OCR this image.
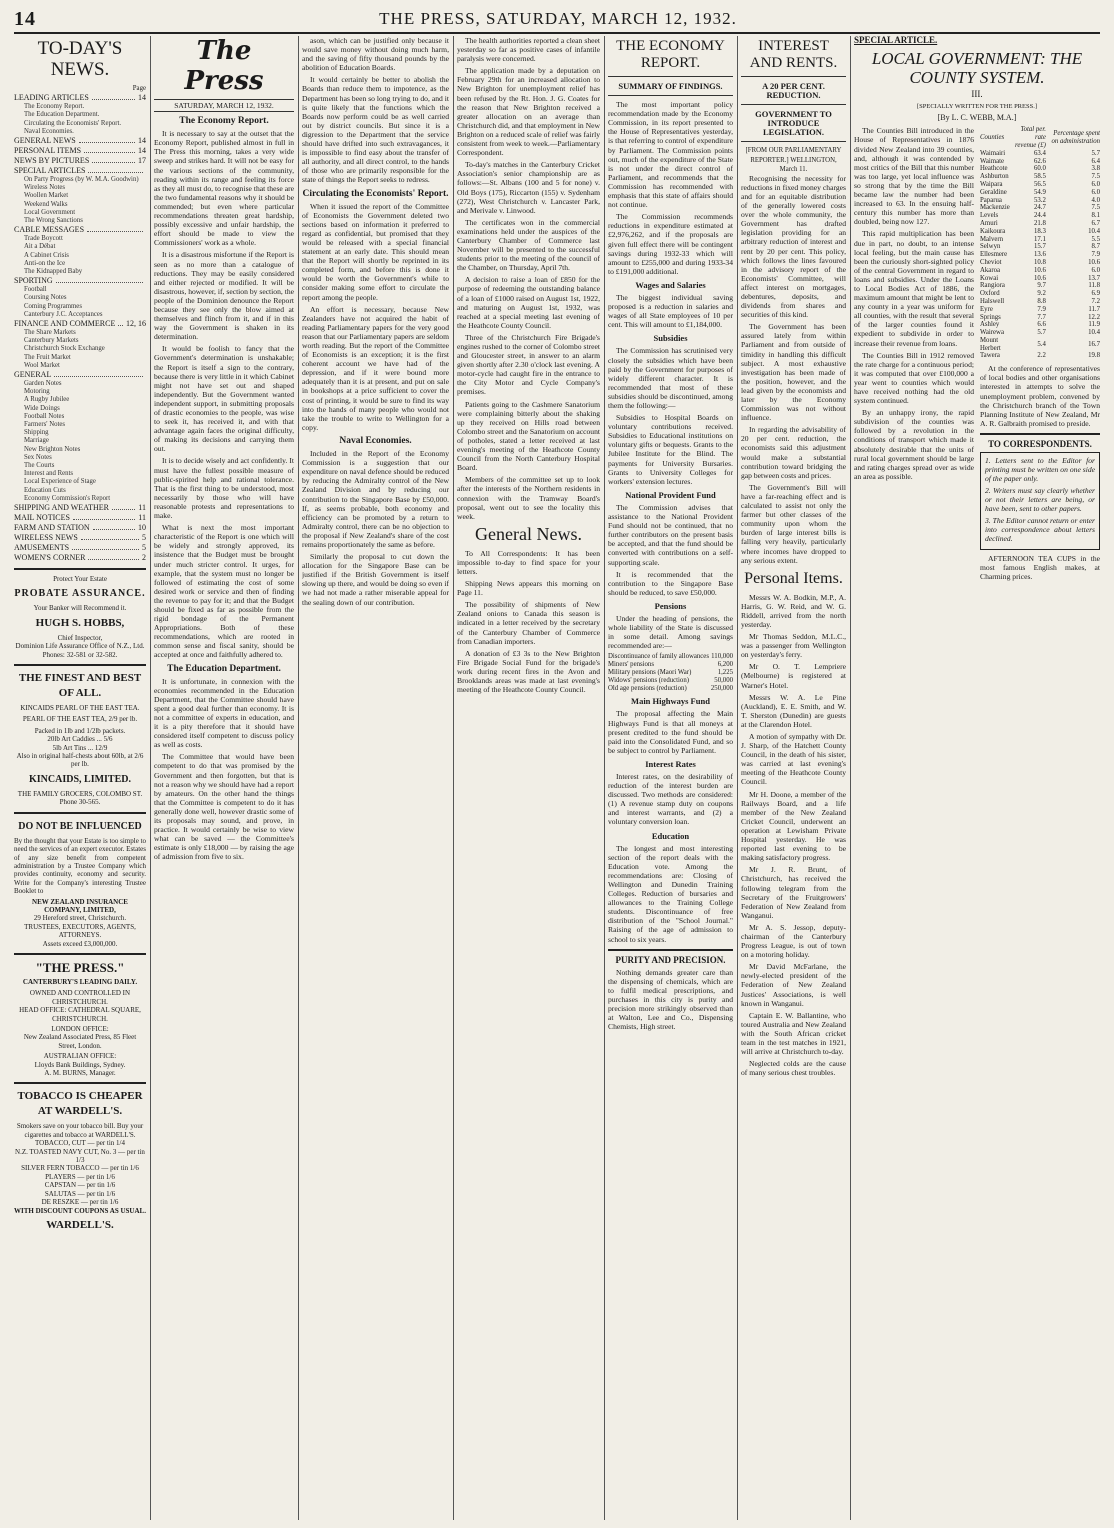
14	THE PRESS, SATURDAY, MARCH 12, 1932.
TO-DAY'S NEWS.
Page
LEADING ARTICLES	14
The Economy Report.
The Education Department.
Circulating the Economists' Report.
Naval Economies.
GENERAL NEWS	14
PERSONAL ITEMS	14
NEWS BY PICTURES	17
SPECIAL ARTICLES
On Party Progress (by W. M.A. Goodwin)
Wireless Notes
Woollen Market
Weekend Walks
Local Government
The Wrong Sanctions
CABLE MESSAGES
Trade Boycott
Ait a Débat
A Cabinet Crisis
Anti-on the Ice
The Kidnapped Baby
SPORTING
Football
Coursing Notes
Coming Programmes
Canterbury J.C. Acceptances
FINANCE AND COMMERCE 12, 16
The Share Markets
Canterbury Markets
Christchurch Stock Exchange
The Fruit Market
Wool Market
GENERAL
Garden Notes
Motoring
A Rugby Jubilee
Wide Doings
Football Notes
Farmers' Notes
Shipping
Marriage
New Brighton Notes
Sex Notes
The Courts
Interest and Rents
Local Experience of Stage
Education Cuts
Economy Commission's Report
SHIPPING AND WEATHER	11
MAIL NOTICES	11
FARM AND STATION	10
WIRELESS NEWS	5
AMUSEMENTS	5
WOMEN'S CORNER	2
Protect Your Estate
PROBATE ASSURANCE.
Your Banker will Recommend it.
HUGH S. HOBBS,
Chief Inspector,
Dominion Life Assurance Office of N.Z., Ltd.
Phones: 32-581 or 32-582.
THE FINEST AND BEST OF ALL.
KINCAIDS PEARL OF THE EAST TEA.
PEARL OF THE EAST TEA, 2/9 per lb.
Packed in 1lb and 1/2lb packets.
20lb Art Caddies ... 5/6
5lb Art Tins ... 12/9
Also in original half-chests about 60lb, at 2/6 per lb.
KINCAIDS, LIMITED.
THE FAMILY GROCERS, COLOMBO ST.
Phone 30-565.
DO NOT BE INFLUENCED
By the thought that your Estate is too simple to need the services of an expert executor. Estates of any size benefit from competent administration by a Trustee Company which provides continuity, economy and security. Write for the Company's interesting Trustee Booklet to
NEW ZEALAND INSURANCE COMPANY, LIMITED,
29 Hereford street, Christchurch.
TRUSTEES, EXECUTORS, AGENTS, ATTORNEYS.
Assets exceed £3,000,000.
"THE PRESS."
CANTERBURY'S LEADING DAILY.
OWNED AND CONTROLLED IN CHRISTCHURCH.
HEAD OFFICE: CATHEDRAL SQUARE, CHRISTCHURCH.
LONDON OFFICE:
New Zealand Associated Press, 85 Fleet Street, London.
AUSTRALIAN OFFICE:
Lloyds Bank Buildings, Sydney.
A. M. BURNS, Manager.
TOBACCO IS CHEAPER AT WARDELL'S.
Smokers save on your tobacco bill. Buy your cigarettes and tobacco at WARDELL'S.
TOBACCO, CUT — per tin 1/4
N.Z. TOASTED NAVY CUT, No. 3 — per tin 1/3
SILVER FERN TOBACCO — per tin 1/6
PLAYERS — per tin 1/6
CAPSTAN — per tin 1/6
SALUTAS — per tin 1/6
DE RESZKE — per tin 1/6
WITH DISCOUNT COUPONS AS USUAL.
WARDELL'S.
The Press
SATURDAY, MARCH 12, 1932.
The Economy Report.

It is necessary to say at the outset that the Economy Report, published almost in full in The Press this morning, takes a very wide sweep and strikes hard. It will not be easy for the various sections of the community, reading within its range and feeling its force as they all must do, to recognise that these are the two fundamental reasons why it should be commended; but even where particular recommendations threaten great hardship, possibly excessive and unfair hardship, the effort should be made to view the Commissioners' work as a whole.

It is a disastrous misfortune if the Report is seen as no more than a catalogue of reductions. They may be easily considered and either rejected or modified. It will be disastrous, however, if, section by section, the people of the Dominion denounce the Report because they see only the blow aimed at themselves and flinch from it, and if in this way the Government is shaken in its determination.

It would be foolish to fancy that the Government's determination is unshakable; the Report is itself a sign to the contrary, because there is very little in it which Cabinet might not have set out and shaped independently. But the Government wanted independent support, in submitting proposals of drastic economies to the people, was wise to seek it, has received it, and with that advantage again faces the original difficulty, of making its decisions and carrying them out.

It is to decide wisely and act confidently. It must have the fullest possible measure of public-spirited help and rational tolerance. That is the first thing to be understood, most necessarily by those who will have reasonable protests and representations to make.

What is next the most important characteristic of the Report is one which will be widely and strongly approved, its insistence that the Budget must be brought under much stricter control. It urges, for example, that the system must no longer be followed of estimating the cost of some desired work or service and then of finding the revenue to pay for it; and that the Budget should be fixed as far as possible from the rigid bondage of the Permanent Appropriations. Both of these recommendations, which are rooted in common sense and fiscal sanity, should be accepted at once and faithfully adhered to.

The Education Department.

It is unfortunate, in connexion with the economies recommended in the Education Department, that the Committee should have spent a good deal further than economy. It is not a committee of experts in education, and it is a pity therefore that it should have considered itself competent to discuss policy as well as costs.

The Committee that would have been competent to do that was promised by the Government and then forgotten, but that is not a reason why we should have had a report by amateurs. On the other hand the things that the Committee is competent to do it has generally done well, however drastic some of its proposals may sound, and prove, in practice. It would certainly be wise to view what can be saved — the Committee's estimate is only £18,000 — by raising the age of admission from five to six.

ason, which can be justified only because it would save money without doing much harm, and the saving of fifty thousand pounds by the abolition of Education Boards.

It would certainly be better to abolish the Boards than reduce them to impotence, as the Department has been so long trying to do, and it is quite likely that the functions which the Boards now perform could be as well carried out by district councils. But since it is a digression to the Department that the service should have drifted into such extravagances, it is impossible to find easy about the transfer of all authority, and all direct control, to the hands of those who are primarily responsible for the state of things the Report seeks to redress.

Circulating the Economists' Report.

When it issued the report of the Committee of Economists the Government deleted two sections based on information it preferred to regard as confidential, but promised that they would be released with a special financial statement at an early date. This should mean that the Report will shortly be reprinted in its completed form, and before this is done it would be worth the Government's while to consider making some effort to circulate the report among the people.

An effort is necessary, because New Zealanders have not acquired the habit of reading Parliamentary papers for the very good reason that our Parliamentary papers are seldom worth reading. But the report of the Committee of Economists is an exception; it is the first coherent account we have had of the depression, and if it were bound more adequately than it is at present, and put on sale in bookshops at a price sufficient to cover the cost of printing, it would be sure to find its way into the hands of many people who would not take the trouble to write to Wellington for a copy.

Naval Economies.

Included in the Report of the Economy Commission is a suggestion that our expenditure on naval defence should be reduced by reducing the Admiralty control of the New Zealand Division and by reducing our contribution to the Singapore Base by £50,000. If, as seems probable, both economy and efficiency can be promoted by a return to Admiralty control, there can be no objection to the proposal if New Zealand's share of the cost remains proportionately the same as before.

Similarly the proposal to cut down the allocation for the Singapore Base can be justified if the British Government is itself slowing up there, and would be doing so even if we had not made a rather miserable appeal for the sealing down of our contribution.

The health authorities reported a clean sheet yesterday so far as positive cases of infantile paralysis were concerned.

The application made by a deputation on February 29th for an increased allocation to New Brighton for unemployment relief has been refused by the Rt. Hon. J. G. Coates for the reason that New Brighton received a greater allocation on an average than Christchurch did, and that employment in New Brighton on a reduced scale of relief was fairly consistent from week to week.—Parliamentary Correspondent.

To-day's matches in the Canterbury Cricket Association's senior championship are as follows:—St. Albans (100 and 5 for none) v. Old Boys (175), Riccarton (155) v. Sydenham (272), West Christchurch v. Lancaster Park, and Merivale v. Linwood.

The certificates won in the commercial examinations held under the auspices of the Canterbury Chamber of Commerce last November will be presented to the successful students prior to the meeting of the council of the Chamber, on Thursday, April 7th.

A decision to raise a loan of £850 for the purpose of redeeming the outstanding balance of a loan of £1000 raised on August 1st, 1922, and maturing on August 1st, 1932, was reached at a special meeting last evening of the Heathcote County Council.

Three of the Christchurch Fire Brigade's engines rushed to the corner of Colombo street and Gloucester street, in answer to an alarm given shortly after 2.30 o'clock last evening. A motor-cycle had caught fire in the entrance to the City Motor and Cycle Company's premises.

Patients going to the Cashmere Sanatorium were complaining bitterly about the shaking up they received on Hills road between Colombo street and the Sanatorium on account of potholes, stated a letter received at last evening's meeting of the Heathcote County Council from the North Canterbury Hospital Board.

Members of the committee set up to look after the interests of the Northern residents in connexion with the Tramway Board's proposal, went out to see the locality this week.

General News.

To All Correspondents: It has been impossible to-day to find space for your letters.

Shipping News appears this morning on Page 11.

The possibility of shipments of New Zealand onions to Canada this season is indicated in a letter received by the secretary of the Canterbury Chamber of Commerce from Canadian importers.

A donation of £3 3s to the New Brighton Fire Brigade Social Fund for the brigade's work during recent fires in the Avon and Brooklands areas was made at last evening's meeting of the Heathcote County Council.

THE ECONOMY REPORT.
SUMMARY OF FINDINGS.

The most important policy recommendation made by the Economy Commission, in its report presented to the House of Representatives yesterday, is that referring to control of expenditure by Parliament. The Commission points out, much of the expenditure of the State is not under the direct control of Parliament, and recommends that the Commission has recommended with emphasis that this state of affairs should not continue.

The Commission recommends reductions in expenditure estimated at £2,976,262, and if the proposals are given full effect there will be contingent savings during 1932-33 which will amount to £255,000 and during 1933-34 to £191,000 additional.

Wages and Salaries

The biggest individual saving proposed is a reduction in salaries and wages of all State employees of 10 per cent. This will amount to £1,184,000.

Subsidies

The Commission has scrutinised very closely the subsidies which have been paid by the Government for purposes of widely different character. It is recommended that most of these subsidies should be discontinued, among them the following:—

Subsidies to Hospital Boards on voluntary contributions received. Subsidies to Educational institutions on voluntary gifts or bequests. Grants to the Jubilee Institute for the Blind. The payments for University Bursaries. Grants to University Colleges for workers' extension lectures.

National Provident Fund

The Commission advises that assistance to the National Provident Fund should not be continued, that no further contributors on the present basis be accepted, and that the fund should be converted with contributions on a self-supporting scale.

It is recommended that the contribution to the Singapore Base should be reduced, to save £50,000.

Pensions

Under the heading of pensions, the whole liability of the State is discussed in some detail. Among savings recommended are:—

Discontinuance of family allowances	110,000
Miners' pensions	6,200
Military pensions (Maori War)	1,225
Widows' pensions (reduction)	50,000
Old age pensions (reduction)	250,000
Main Highways Fund

The proposal affecting the Main Highways Fund is that all moneys at present credited to the fund should be paid into the Consolidated Fund, and so be subject to control by Parliament.

Interest Rates

Interest rates, on the desirability of reduction of the interest burden are discussed. Two methods are considered: (1) A revenue stamp duty on coupons and interest warrants, and (2) a voluntary conversion loan.

Education

The longest and most interesting section of the report deals with the Education vote. Among the recommendations are: Closing of Wellington and Dunedin Training Colleges. Reduction of bursaries and allowances to the Training College students. Discontinuance of free distribution of the "School Journal." Raising of the age of admission to school to six years.

PURITY AND PRECISION.

Nothing demands greater care than the dispensing of chemicals, which are to fulfil medical prescriptions, and purchases in this city is purity and precision more strikingly observed than at Walton, Lee and Co., Dispensing Chemists, High street.

INTEREST AND RENTS.
A 20 PER CENT. REDUCTION.
GOVERNMENT TO INTRODUCE LEGISLATION.
[FROM OUR PARLIAMENTARY REPORTER.] WELLINGTON, March 11.

Recognising the necessity for reductions in fixed money charges and for an equitable distribution of the generally lowered costs over the whole community, the Government has drafted legislation providing for an arbitrary reduction of interest and rent by 20 per cent. This policy, which follows the lines favoured in the advisory report of the Economists' Committee, will affect interest on mortgages, debentures, deposits, and dividends from shares and securities of this kind.

The Government has been assured lately from within Parliament and from outside of timidity in handling this difficult subject. A most exhaustive investigation has been made of the position, however, and the lead given by the economists and later by the Economy Commission was not without influence.

In regarding the advisability of 20 per cent. reduction, the economists said this adjustment would make a substantial contribution toward bridging the gap between costs and prices.

The Government's Bill will have a far-reaching effect and is calculated to assist not only the farmer but other classes of the community upon whom the burden of large interest bills is falling very heavily, particularly where incomes have dropped to any serious extent.

Personal Items.

Messrs W. A. Bodkin, M.P., A. Harris, G. W. Reid, and W. G. Riddell, arrived from the north yesterday.

Mr Thomas Seddon, M.L.C., was a passenger from Wellington on yesterday's ferry.

Mr O. T. Lempriere (Melbourne) is registered at Warner's Hotel.

Messrs W. A. Le Pine (Auckland), E. E. Smith, and W. T. Sherston (Dunedin) are guests at the Clarendon Hotel.

A motion of sympathy with Dr. J. Sharp, of the Hatchett County Council, in the death of his sister, was carried at last evening's meeting of the Heathcote County Council.

Mr H. Doone, a member of the Railways Board, and a life member of the New Zealand Cricket Council, underwent an operation at Lewisham Private Hospital yesterday. He was reported last evening to be making satisfactory progress.

Mr J. R. Brunt, of Christchurch, has received the following telegram from the Secretary of the Fruitgrowers' Federation of New Zealand from Wanganui.

Mr A. S. Jessop, deputy-chairman of the Canterbury Progress League, is out of town on a motoring holiday.

Mr David McFarlane, the newly-elected president of the Federation of New Zealand Justices' Associations, is well known in Wanganui.

Captain E. W. Ballantine, who toured Australia and New Zealand with the South African cricket team in the test matches in 1921, will arrive at Christchurch to-day.

Neglected colds are the cause of many serious chest troubles.

SPECIAL ARTICLE.
LOCAL GOVERNMENT: THE COUNTY SYSTEM.
III.
[SPECIALLY WRITTEN FOR THE PRESS.]
[By L. C. WEBB, M.A.]

The Counties Bill introduced in the House of Representatives in 1876 divided New Zealand into 39 counties, and, although it was contended by most critics of the Bill that this number was too large, yet local influence was so strong that by the time the Bill became law the number had been increased to 63. In the ensuing half-century this number has more than doubled, being now 127.

This rapid multiplication has been due in part, no doubt, to an intense local feeling, but the main cause has been the curiously short-sighted policy of the central Government in regard to loans and subsidies. Under the Loans to Local Bodies Act of 1886, the maximum amount that might be lent to any county in a year was uniform for all counties, with the result that several of the larger counties found it expedient to subdivide in order to increase their revenue from loans.

The Counties Bill in 1912 removed the rate charge for a continuous period; it was computed that over £100,000 a year went to counties which would have received nothing had the old system continued.

By an unhappy irony, the rapid subdivision of the counties was followed by a revolution in the conditions of transport which made it absolutely desirable that the units of rural local government should be large and rating charges spread over as wide an area as possible.

Counties	Total per. rate revenue (£)	Percentage spent on administration
Waimairi	63.4	5.7
Waimate	62.6	6.4
Heathcote	60.0	3.8
Ashburton	58.5	7.5
Waipara	56.5	6.0
Geraldine	54.9	6.0
Paparua	53.2	4.0
Mackenzie	24.7	7.5
Levels	24.4	8.1
Amuri	21.8	6.7
Kaikoura	18.3	10.4
Malvern	17.1	5.5
Selwyn	15.7	8.7
Ellesmere	13.6	7.9
Cheviot	10.8	10.6
Akaroa	10.6	6.0
Kowai	10.6	13.7
Rangiora	9.7	11.8
Oxford	9.2	6.9
Halswell	8.8	7.2
Eyre	7.9	11.7
Springs	7.7	12.2
Ashley	6.6	11.9
Wairewa	5.7	10.4
Mount Herbert	5.4	16.7
Tawera	2.2	19.8

At the conference of representatives of local bodies and other organisations interested in attempts to solve the unemployment problem, convened by the Christchurch branch of the Town Planning Institute of New Zealand, Mr A. R. Galbraith promised to preside.

TO CORRESPONDENTS.

1. Letters sent to the Editor for printing must be written on one side of the paper only.

2. Writers must say clearly whether or not their letters are being, or have been, sent to other papers.

3. The Editor cannot return or enter into correspondence about letters declined.

AFTERNOON TEA CUPS in the most famous English makes, at Charming prices.
